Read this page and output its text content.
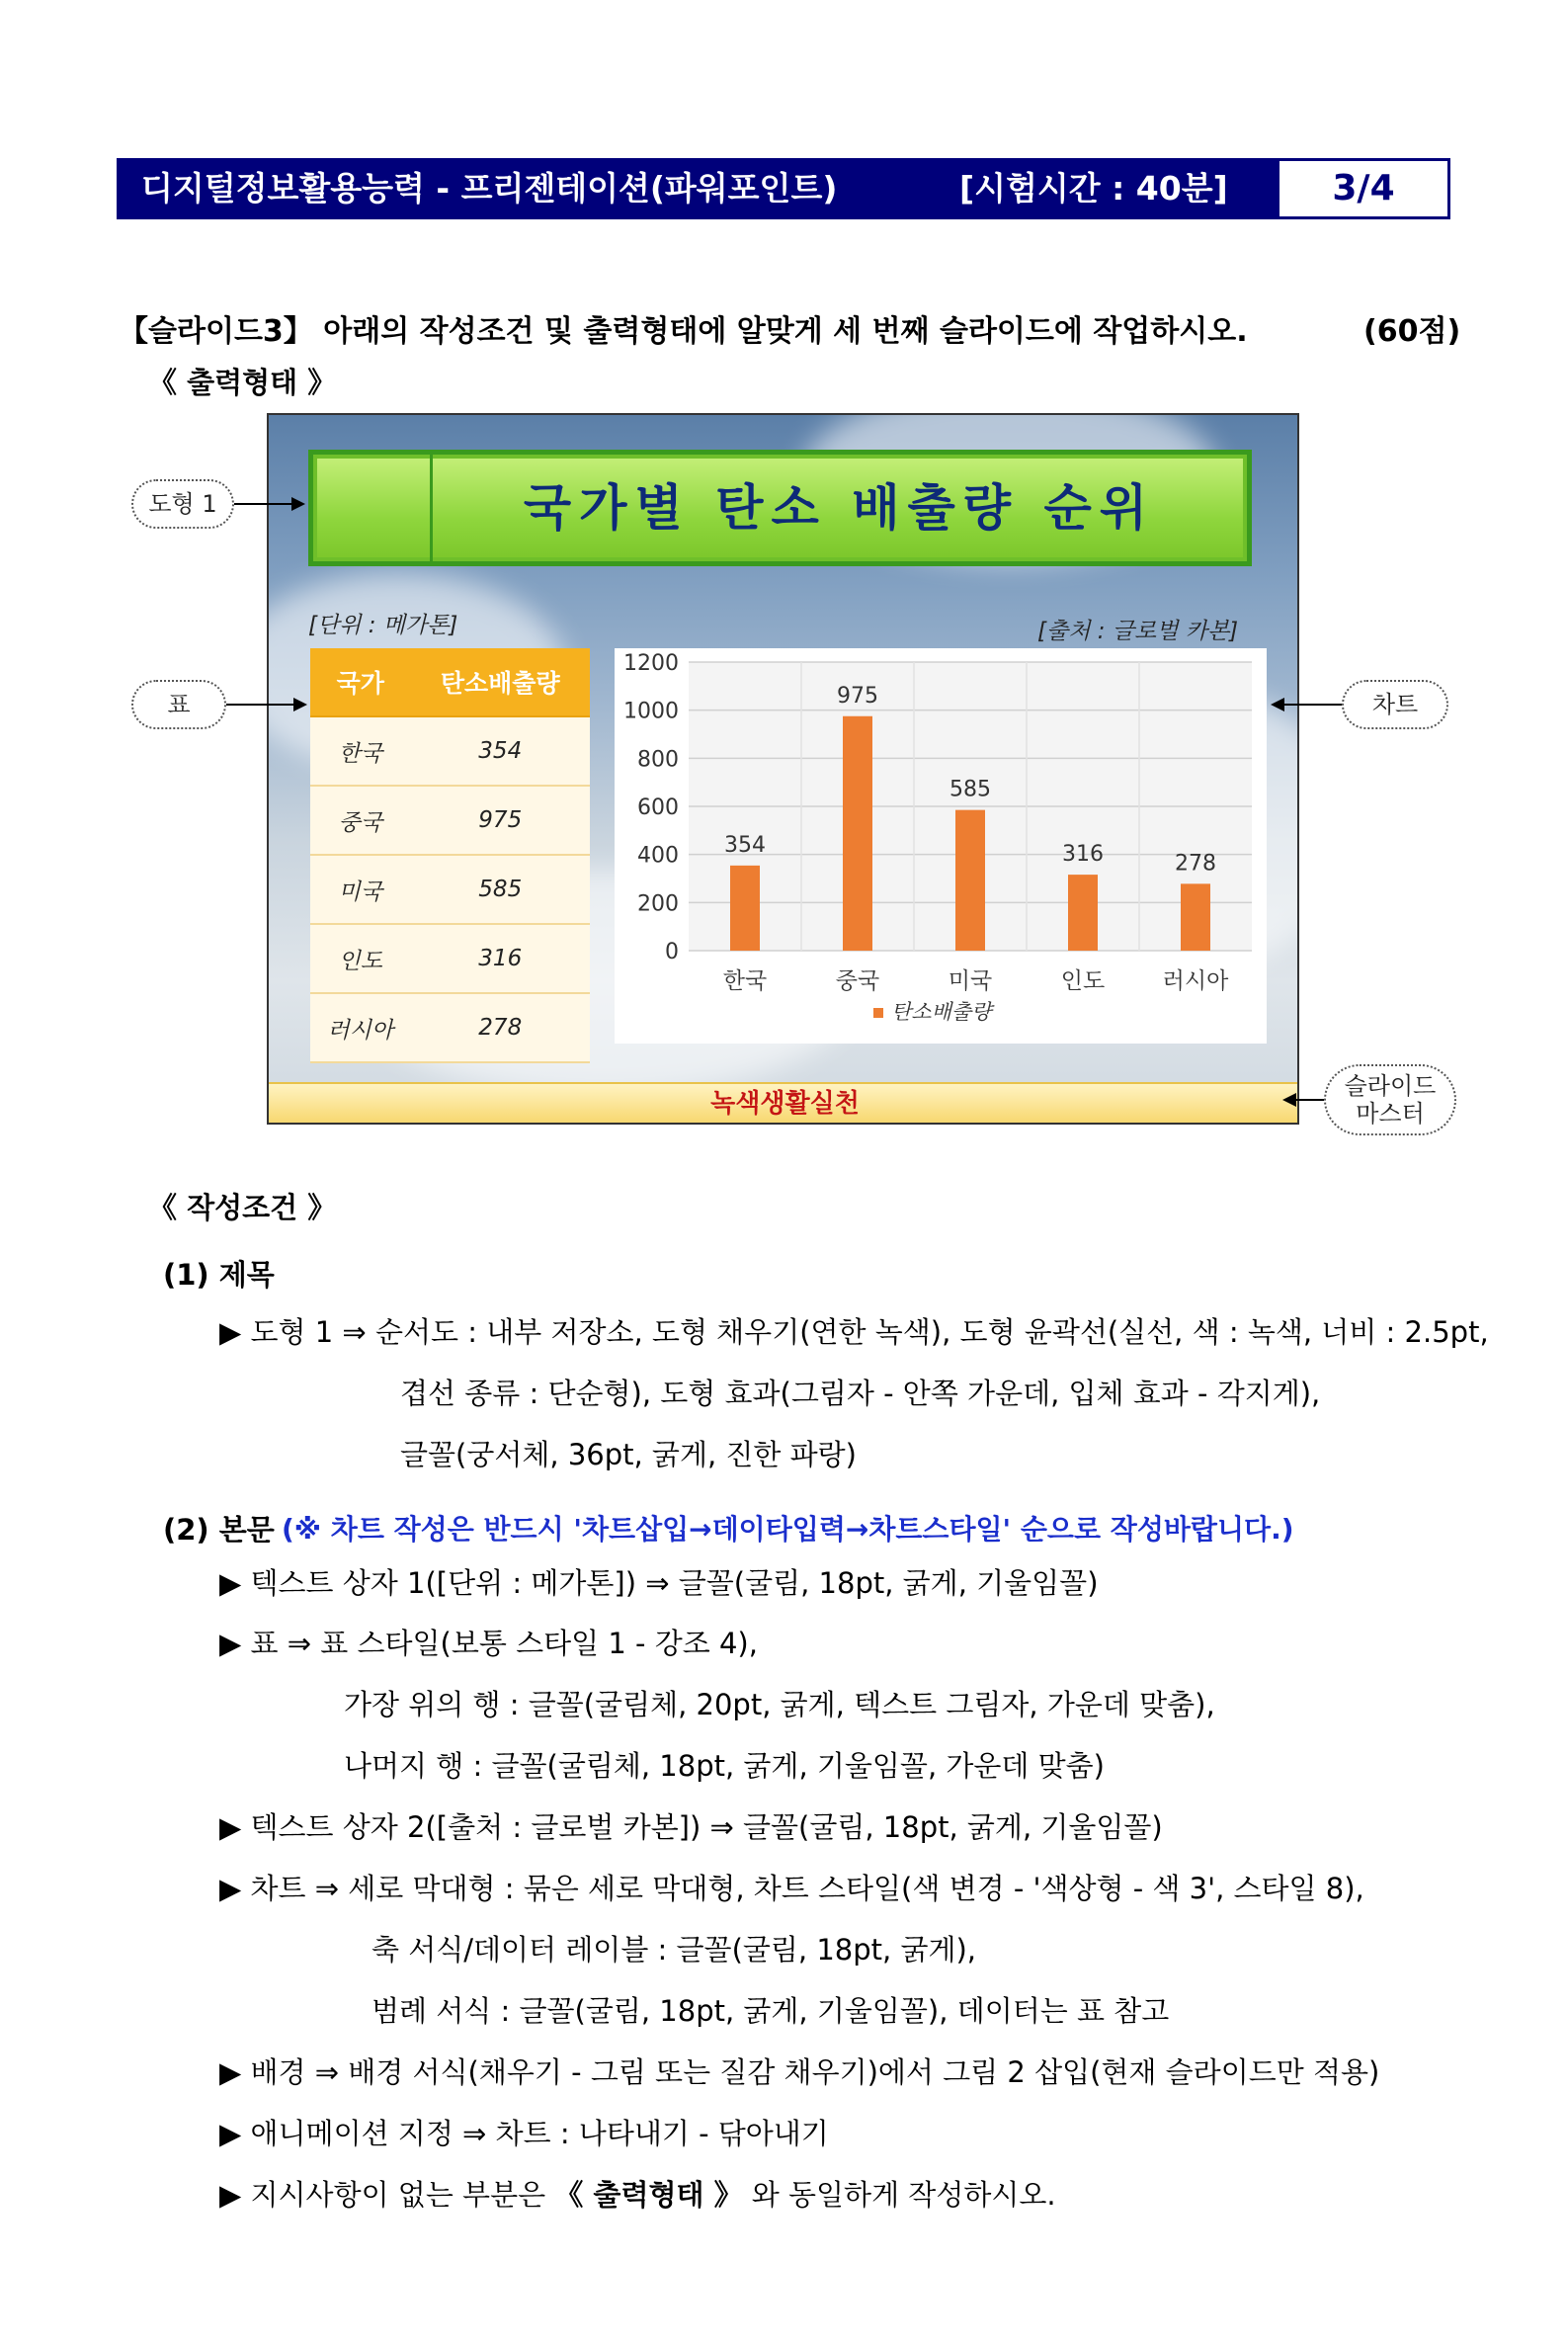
디지털정보활용능력 - 프리젠테이션(파워포인트)	[시험시간 : 40분]	3/4
【슬라이드3】 아래의 작성조건 및 출력형태에 알맞게 세 번째 슬라이드에 작업하시오.	(60점)
《 출력형태 》
국가별 탄소 배출량 순위
[단위 : 메가톤]	[출처 : 글로벌 카본]
국가	탄소배출량
한국	354
중국	975
미국	585
인도	316
러시아	278
0
200
400
600
800
1000
1200
354
한국
975
중국
585
미국
316
인도
278
러시아
탄소배출량
녹색생활실천
도형 1
표	차트
슬라이드
마스터
《 작성조건 》
(1) 제목
▶ 도형 1 ⇒ 순서도 : 내부 저장소, 도형 채우기(연한 녹색), 도형 윤곽선(실선, 색 : 녹색, 너비 : 2.5pt,
겹선 종류 : 단순형), 도형 효과(그림자 - 안쪽 가운데, 입체 효과 - 각지게),
글꼴(궁서체, 36pt, 굵게, 진한 파랑)
(2) 본문 (※ 차트 작성은 반드시 '차트삽입→데이타입력→차트스타일' 순으로 작성바랍니다.)
▶ 텍스트 상자 1([단위 : 메가톤]) ⇒ 글꼴(굴림, 18pt, 굵게, 기울임꼴)
▶ 표 ⇒ 표 스타일(보통 스타일 1 - 강조 4),
가장 위의 행 : 글꼴(굴림체, 20pt, 굵게, 텍스트 그림자, 가운데 맞춤),
나머지 행 : 글꼴(굴림체, 18pt, 굵게, 기울임꼴, 가운데 맞춤)
▶ 텍스트 상자 2([출처 : 글로벌 카본]) ⇒ 글꼴(굴림, 18pt, 굵게, 기울임꼴)
▶ 차트 ⇒ 세로 막대형 : 묶은 세로 막대형, 차트 스타일(색 변경 - '색상형 - 색 3', 스타일 8),
축 서식/데이터 레이블 : 글꼴(굴림, 18pt, 굵게),
범례 서식 : 글꼴(굴림, 18pt, 굵게, 기울임꼴), 데이터는 표 참고
▶ 배경 ⇒ 배경 서식(채우기 - 그림 또는 질감 채우기)에서 그림 2 삽입(현재 슬라이드만 적용)
▶ 애니메이션 지정 ⇒ 차트 : 나타내기 - 닦아내기
▶ 지시사항이 없는 부분은 《 출력형태 》 와 동일하게 작성하시오.
